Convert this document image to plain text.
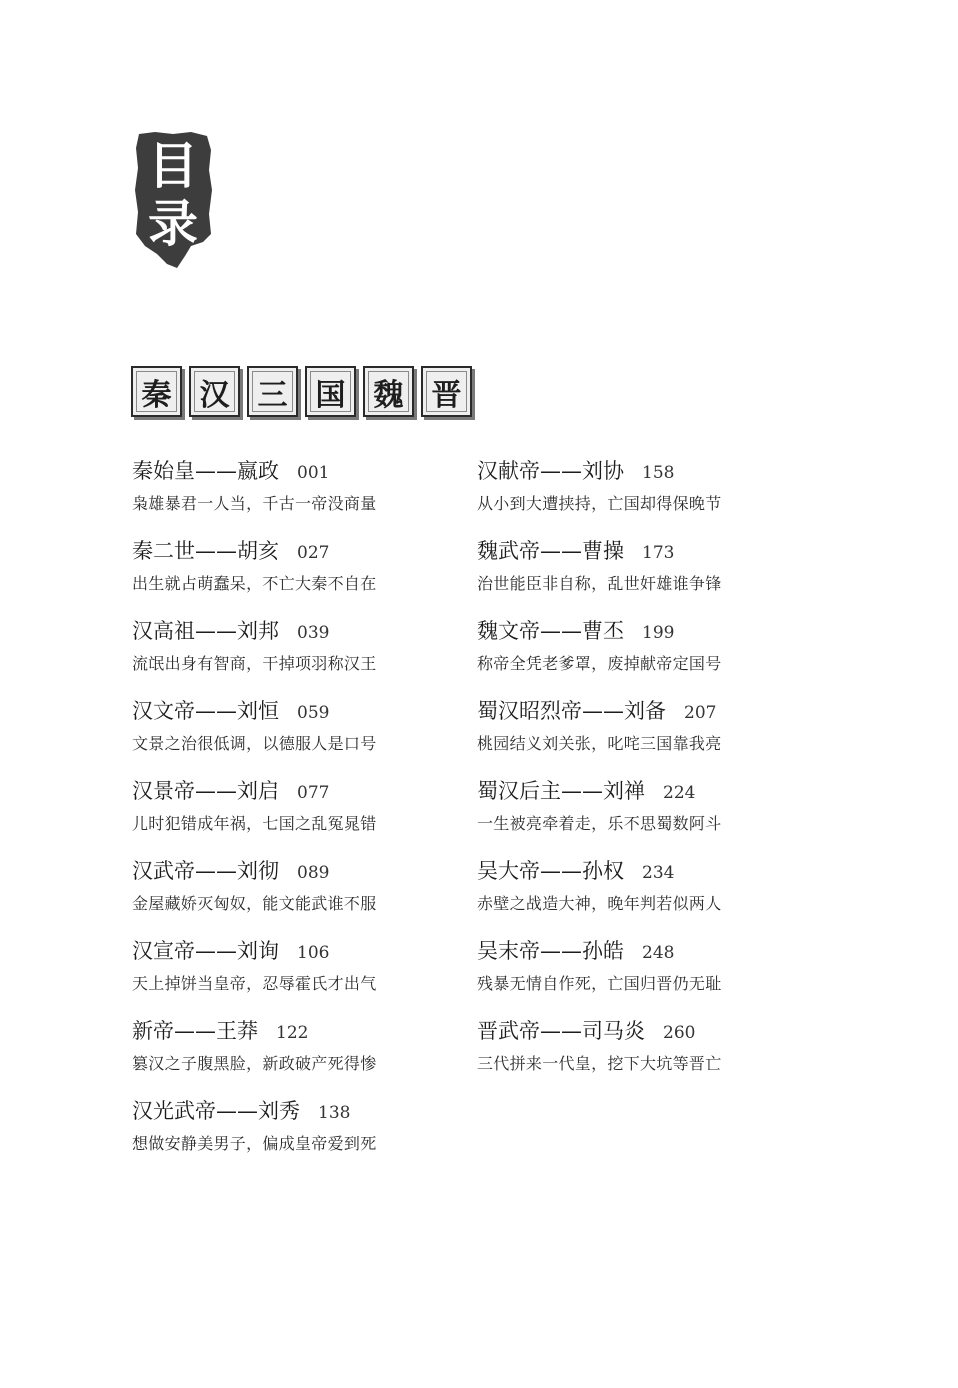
目
录
秦 汉 三 国 魏 晋
秦始皇——嬴政 001
枭雄暴君一人当，千古一帝没商量
秦二世——胡亥 027
出生就占萌蠢呆，不亡大秦不自在
汉高祖——刘邦 039
流氓出身有智商，干掉项羽称汉王
汉文帝——刘恒 059
文景之治很低调，以德服人是口号
汉景帝——刘启 077
儿时犯错成年祸，七国之乱冤晁错
汉武帝——刘彻 089
金屋藏娇灭匈奴，能文能武谁不服
汉宣帝——刘询 106
天上掉饼当皇帝，忍辱霍氏才出气
新帝——王莽 122
篡汉之子腹黑脸，新政破产死得惨
汉光武帝——刘秀 138
想做安静美男子，偏成皇帝爱到死
汉献帝——刘协 158
从小到大遭挟持，亡国却得保晚节
魏武帝——曹操 173
治世能臣非自称，乱世奸雄谁争锋
魏文帝——曹丕 199
称帝全凭老爹罩，废掉献帝定国号
蜀汉昭烈帝——刘备 207
桃园结义刘关张，叱咤三国靠我亮
蜀汉后主——刘禅 224
一生被亮牵着走，乐不思蜀数阿斗
吴大帝——孙权 234
赤壁之战造大神，晚年判若似两人
吴末帝——孙皓 248
残暴无情自作死，亡国归晋仍无耻
晋武帝——司马炎 260
三代拼来一代皇，挖下大坑等晋亡
